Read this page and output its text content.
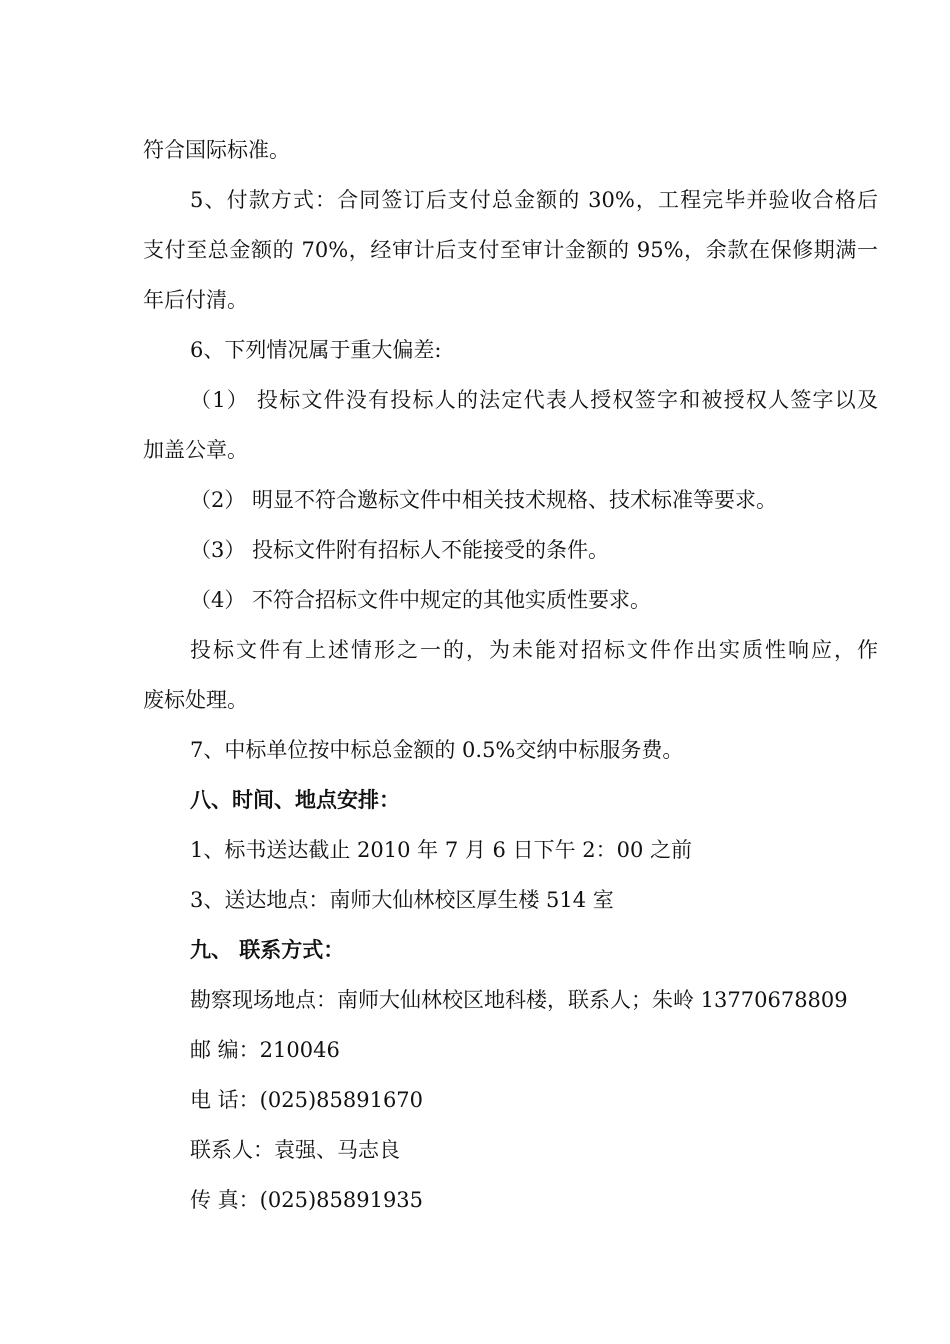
符合国际标准。
5、付款方式：合同签订后支付总金额的 30%，工程完毕并验收合格后
支付至总金额的 70%，经审计后支付至审计金额的 95%，余款在保修期满一
年后付清。
6、下列情况属于重大偏差:
（1） 投标文件没有投标人的法定代表人授权签字和被授权人签字以及
加盖公章。
（2） 明显不符合邀标文件中相关技术规格、技术标准等要求。
（3） 投标文件附有招标人不能接受的条件。
（4） 不符合招标文件中规定的其他实质性要求。
投标文件有上述情形之一的，为未能对招标文件作出实质性响应，作
废标处理。
7、中标单位按中标总金额的 0.5%交纳中标服务费。
八、时间、地点安排：
1、标书送达截止 2010 年 7 月 6 日下午 2：00 之前
3、送达地点：南师大仙林校区厚生楼 514 室
九、 联系方式：
勘察现场地点：南师大仙林校区地科楼，联系人；朱岭 13770678809
邮 编：210046
电 话：(025)85891670
联系人：袁强、马志良
传 真：(025)85891935
